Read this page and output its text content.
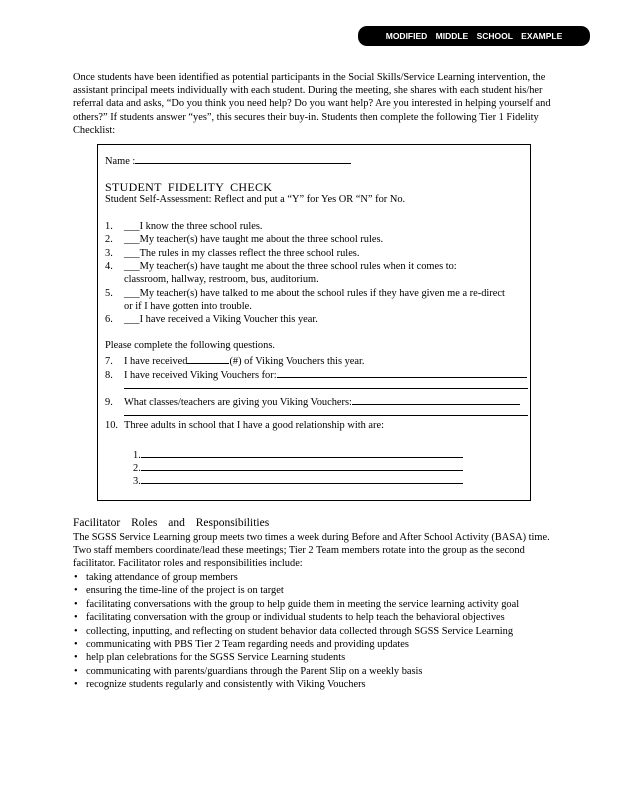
MODIFIED MIDDLE SCHOOL EXAMPLE

Once students have been identified as potential participants in the Social Skills/Service Learning intervention, the assistant principal meets individually with each student. During the meeting, she shares with each student his/her referral data and asks, “Do you think you need help? Do you want help? Are you interested in helping yourself and others?” If students answer “yes”, this secures their buy-in. Students then complete the following Tier 1 Fidelity Checklist:

Name :
STUDENT FIDELITY CHECK
Student Self-Assessment: Reflect and put a “Y” for Yes OR “N” for No.
1. ___I know the three school rules.
2. ___My teacher(s) have taught me about the three school rules.
3. ___The rules in my classes reflect the three school rules.
4. ___My teacher(s) have taught me about the three school rules when it comes to:
classroom, hallway, restroom, bus, auditorium.
5. ___My teacher(s) have talked to me about the school rules if they have given me a re-direct
or if I have gotten into trouble.
6. ___I have received a Viking Voucher this year.
Please complete the following questions.
7. I have received	(#) of Viking Vouchers this year.
8. I have received Viking Vouchers for:
9. What classes/teachers are giving you Viking Vouchers:
10. Three adults in school that I have a good relationship with are:
1.
2.
3.
Facilitator Roles and Responsibilities

The SGSS Service Learning group meets two times a week during Before and After School Activity (BASA) time. Two staff members coordinate/lead these meetings; Tier 2 Team members rotate into the group as the second facilitator. Facilitator roles and responsibilities include:

• taking attendance of group members
• ensuring the time-line of the project is on target
• facilitating conversations with the group to help guide them in meeting the service learning activity goal
• facilitating conversation with the group or individual students to help teach the behavioral objectives
• collecting, inputting, and reflecting on student behavior data collected through SGSS Service Learning
• communicating with PBS Tier 2 Team regarding needs and providing updates
• help plan celebrations for the SGSS Service Learning students
• communicating with parents/guardians through the Parent Slip on a weekly basis
• recognize students regularly and consistently with Viking Vouchers
